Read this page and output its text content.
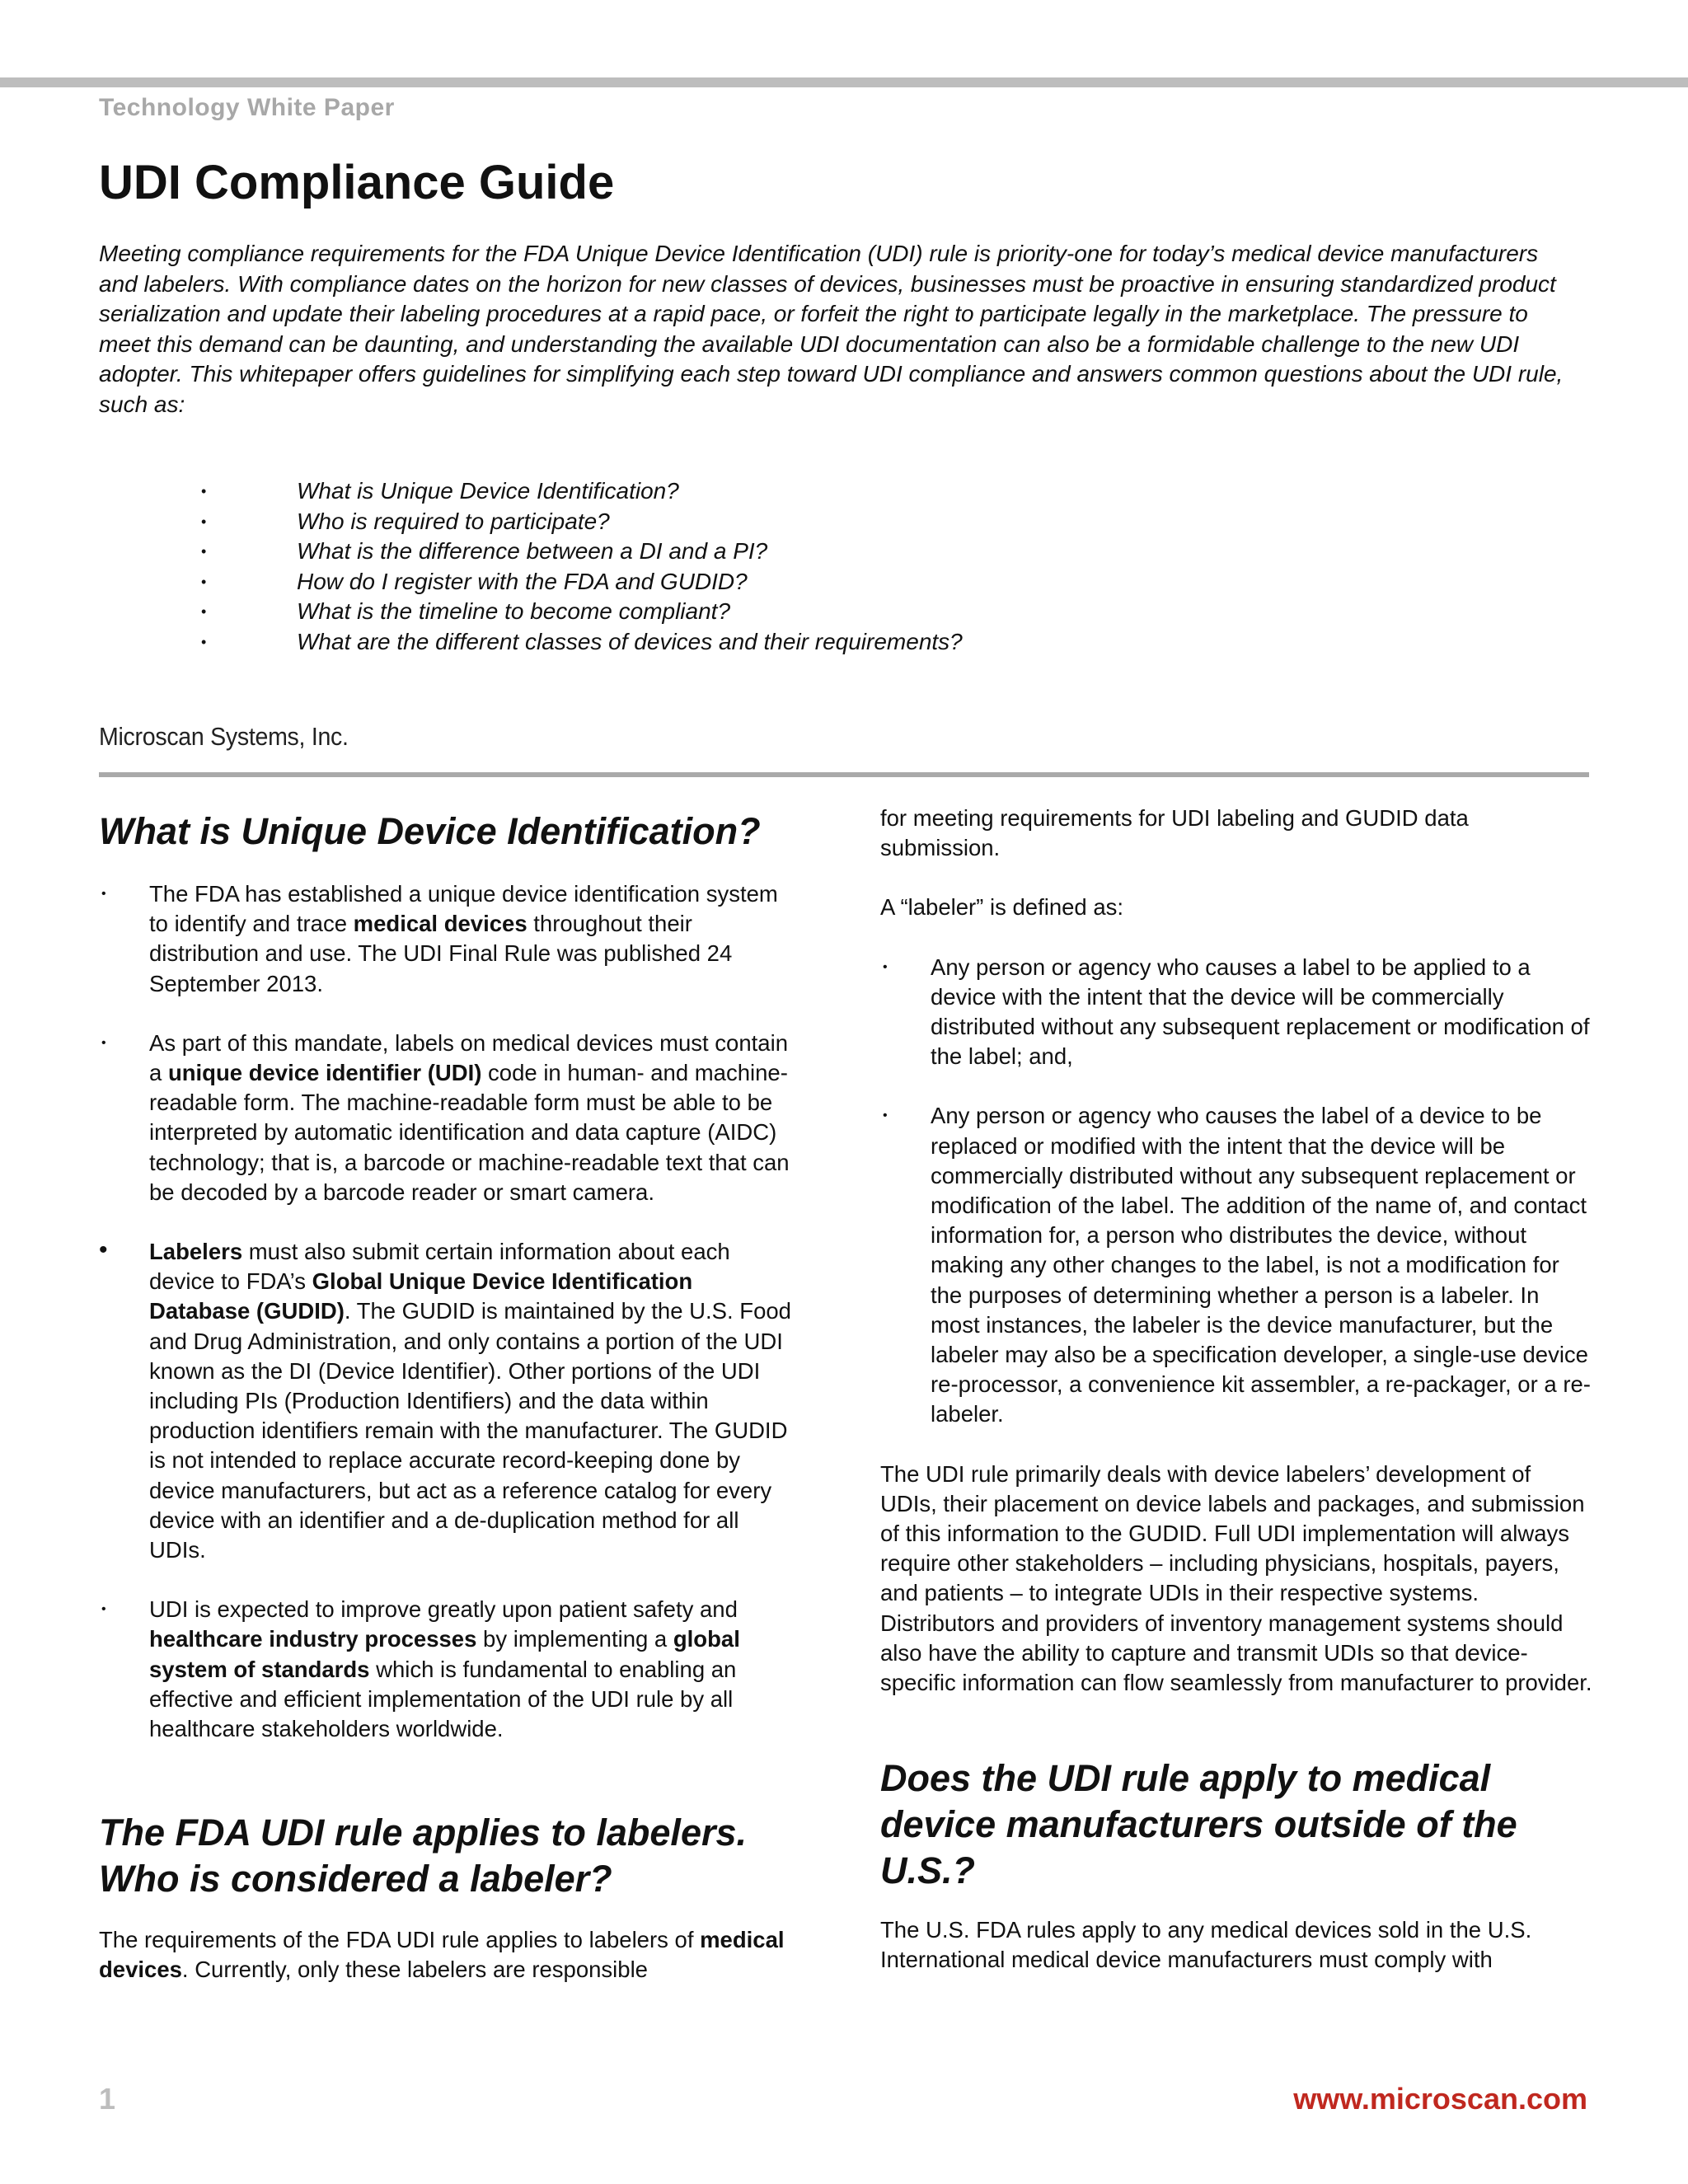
Technology White Paper
UDI Compliance Guide

Meeting compliance requirements for the FDA Unique Device Identification (UDI) rule is priority-one for today’s medical device manufacturers and labelers. With compliance dates on the horizon for new classes of devices, businesses must be proactive in ensuring standardized product serialization and update their labeling procedures at a rapid pace, or forfeit the right to participate legally in the marketplace. The pressure to meet this demand can be daunting, and understanding the available UDI documentation can also be a formidable challenge to the new UDI adopter. This whitepaper offers guidelines for simplifying each step toward UDI compliance and answers common questions about the UDI rule, such as:

•	What is Unique Device Identification?
•	Who is required to participate?
•	What is the difference between a DI and a PI?
•	How do I register with the FDA and GUDID?
•	What is the timeline to become compliant?
•	What are the different classes of devices and their requirements?
Microscan Systems, Inc.
What is Unique Device Identification?
• The FDA has established a unique device identification system to identify and trace medical devices throughout their distribution and use. The UDI Final Rule was published 24 September 2013.
• As part of this mandate, labels on medical devices must contain a unique device identifier (UDI) code in human- and machine-readable form. The machine-readable form must be able to be interpreted by automatic identification and data capture (AIDC) technology; that is, a barcode or machine-readable text that can be decoded by a barcode reader or smart camera.
• Labelers must also submit certain information about each device to FDA’s Global Unique Device Identification Database (GUDID). The GUDID is maintained by the U.S. Food and Drug Administration, and only contains a portion of the UDI known as the DI (Device Identifier). Other portions of the UDI including PIs (Production Identifiers) and the data within production identifiers remain with the manufacturer. The GUDID is not intended to replace accurate record-keeping done by device manufacturers, but act as a reference catalog for every device with an identifier and a de-duplication method for all UDIs.
• UDI is expected to improve greatly upon patient safety and healthcare industry processes by implementing a global system of standards which is fundamental to enabling an effective and efficient implementation of the UDI rule by all healthcare stakeholders worldwide.
The FDA UDI rule applies to labelers. Who is considered a labeler?

The requirements of the FDA UDI rule applies to labelers of medical devices. Currently, only these labelers are responsible

for meeting requirements for UDI labeling and GUDID data submission.

A “labeler” is defined as:

• Any person or agency who causes a label to be applied to a device with the intent that the device will be commercially distributed without any subsequent replacement or modification of the label; and,
• Any person or agency who causes the label of a device to be replaced or modified with the intent that the device will be commercially distributed without any subsequent replacement or modification of the label. The addition of the name of, and contact information for, a person who distributes the device, without making any other changes to the label, is not a modification for the purposes of determining whether a person is a labeler. In most instances, the labeler is the device manufacturer, but the labeler may also be a specification developer, a single-use device re-processor, a convenience kit assembler, a re-packager, or a re-labeler.

The UDI rule primarily deals with device labelers’ development of UDIs, their placement on device labels and packages, and submission of this information to the GUDID. Full UDI implementation will always require other stakeholders – including physicians, hospitals, payers, and patients – to integrate UDIs in their respective systems. Distributors and providers of inventory management systems should also have the ability to capture and transmit UDIs so that device-specific information can flow seamlessly from manufacturer to provider.

Does the UDI rule apply to medical device manufacturers outside of the U.S.?

The U.S. FDA rules apply to any medical devices sold in the U.S. International medical device manufacturers must comply with

1	www.microscan.com
